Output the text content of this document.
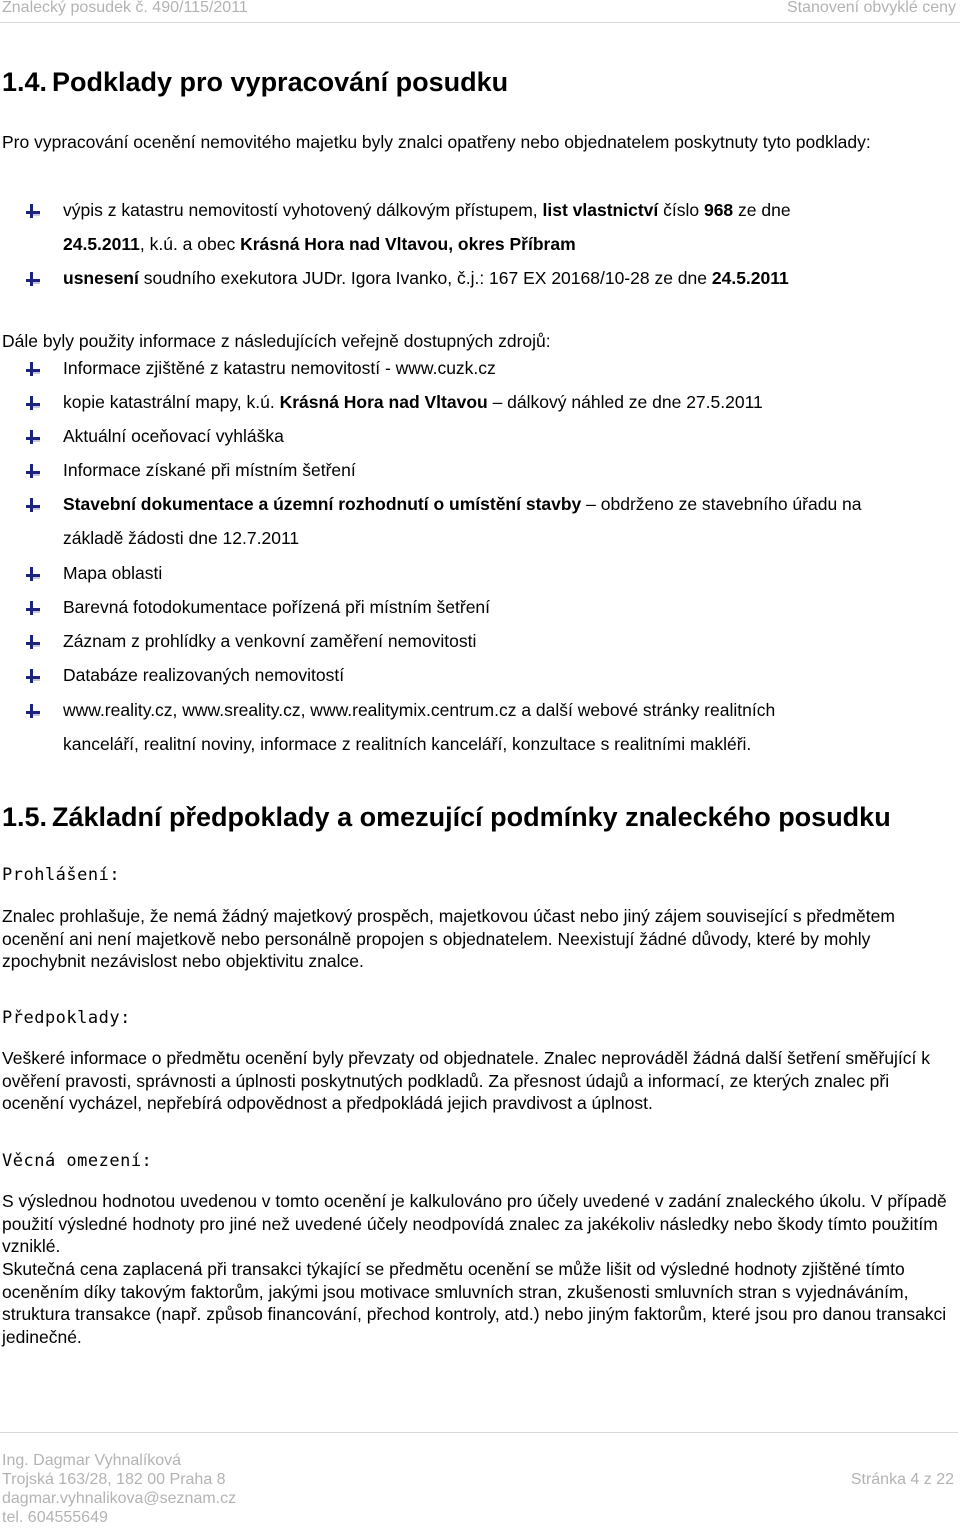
Znalecký posudek č. 490/115/2011	Stanovení obvyklé ceny
1.4. Podklady pro vypracování posudku
Pro vypracování ocenění nemovitého majetku byly znalci opatřeny nebo objednatelem poskytnuty tyto podklady:
výpis z katastru nemovitostí vyhotovený dálkovým přístupem, list vlastnictví číslo 968 ze dne
24.5.2011, k.ú. a obec Krásná Hora nad Vltavou, okres Příbram
usnesení soudního exekutora JUDr. Igora Ivanko, č.j.: 167 EX 20168/10-28 ze dne 24.5.2011
Dále byly použity informace z následujících veřejně dostupných zdrojů:
Informace zjištěné z katastru nemovitostí - www.cuzk.cz
kopie katastrální mapy, k.ú. Krásná Hora nad Vltavou – dálkový náhled ze dne 27.5.2011
Aktuální oceňovací vyhláška
Informace získané při místním šetření
Stavební dokumentace a územní rozhodnutí o umístění stavby – obdrženo ze stavebního úřadu na
základě žádosti dne 12.7.2011
Mapa oblasti
Barevná fotodokumentace pořízená při místním šetření
Záznam z prohlídky a venkovní zaměření nemovitosti
Databáze realizovaných nemovitostí
www.reality.cz, www.sreality.cz, www.realitymix.centrum.cz a další webové stránky realitních
kanceláří, realitní noviny, informace z realitních kanceláří, konzultace s realitními makléři.
1.5. Základní předpoklady a omezující podmínky znaleckého posudku
Prohlášení:
Znalec prohlašuje, že nemá žádný majetkový prospěch, majetkovou účast nebo jiný zájem související s předmětem ocenění ani není majetkově nebo personálně propojen s objednatelem. Neexistují žádné důvody, které by mohly zpochybnit nezávislost nebo objektivitu znalce.
Předpoklady:
Veškeré informace o předmětu ocenění byly převzaty od objednatele. Znalec neprováděl žádná další šetření směřující k ověření pravosti, správnosti a úplnosti poskytnutých podkladů. Za přesnost údajů a informací, ze kterých znalec při ocenění vycházel, nepřebírá odpovědnost a předpokládá jejich pravdivost a úplnost.
Věcná omezení:
S výslednou hodnotou uvedenou v tomto ocenění je kalkulováno pro účely uvedené v zadání znaleckého úkolu. V případě použití výsledné hodnoty pro jiné než uvedené účely neodpovídá znalec za jakékoliv následky nebo škody tímto použitím vzniklé.
Skutečná cena zaplacená při transakci týkající se předmětu ocenění se může lišit od výsledné hodnoty zjištěné tímto oceněním díky takovým faktorům, jakými jsou motivace smluvních stran, zkušenosti smluvních stran s vyjednáváním, struktura transakce (např. způsob financování, přechod kontroly, atd.) nebo jiným faktorům, které jsou pro danou transakci jedinečné.
Ing. Dagmar Vyhnalíková
Trojská 163/28, 182 00 Praha 8
dagmar.vyhnalikova@seznam.cz
tel. 604555649
Stránka 4 z 22
